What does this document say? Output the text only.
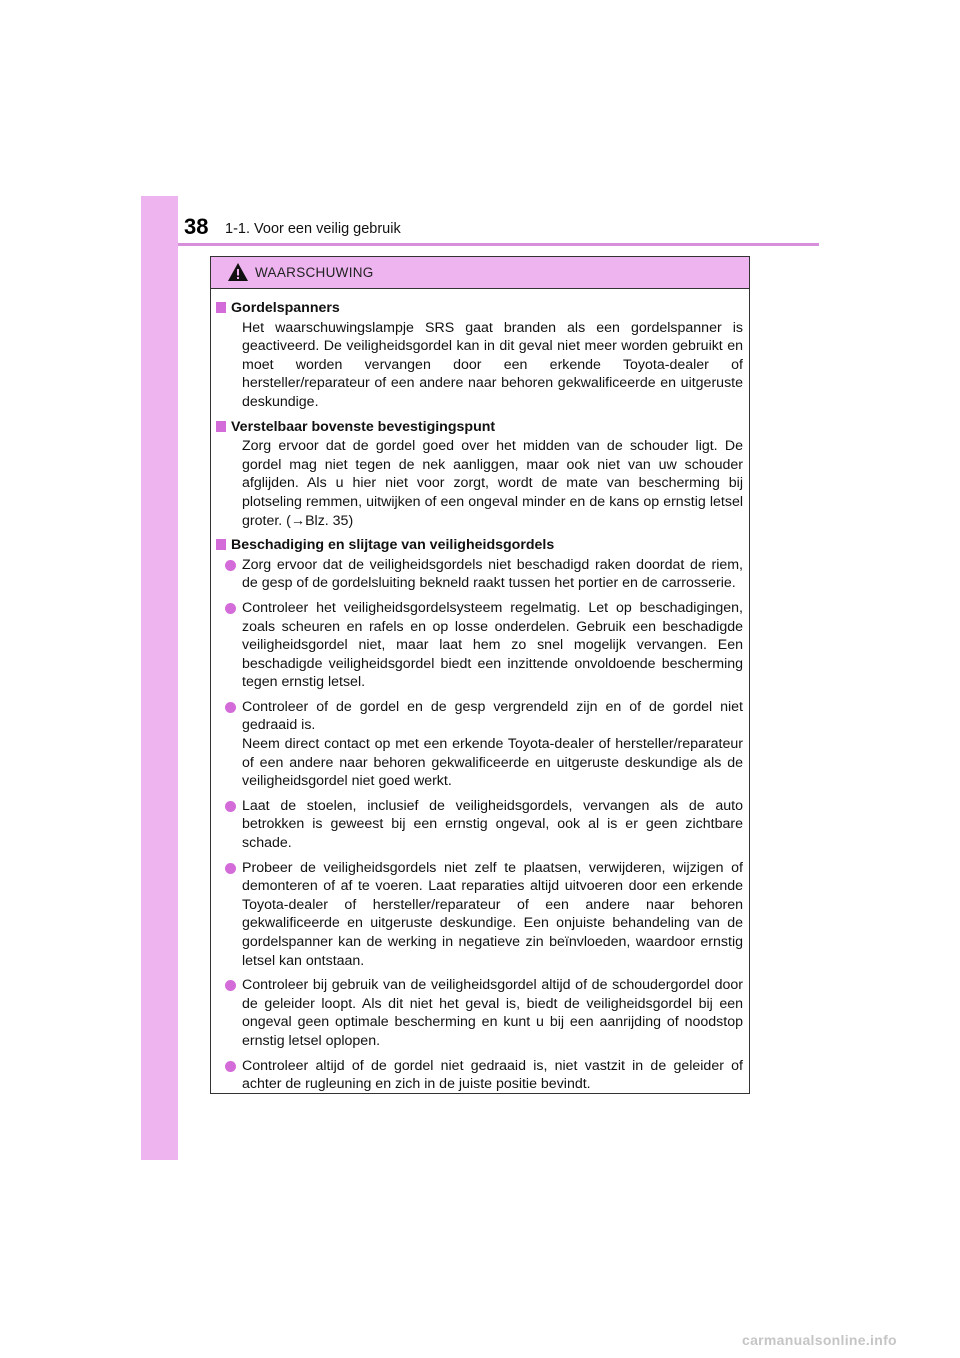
38 1-1. Voor een veilig gebruik
WAARSCHUWING
Gordelspanners
Het waarschuwingslampje SRS gaat branden als een gordelspanner is geactiveerd. De veiligheidsgordel kan in dit geval niet meer worden gebruikt en moet worden vervangen door een erkende Toyota-dealer of hersteller/reparateur of een andere naar behoren gekwalificeerde en uitgeruste deskundige.
Verstelbaar bovenste bevestigingspunt
Zorg ervoor dat de gordel goed over het midden van de schouder ligt. De gordel mag niet tegen de nek aanliggen, maar ook niet van uw schouder afglijden. Als u hier niet voor zorgt, wordt de mate van bescherming bij plotseling remmen, uitwijken of een ongeval minder en de kans op ernstig letsel groter. (→Blz. 35)
Beschadiging en slijtage van veiligheidsgordels
Zorg ervoor dat de veiligheidsgordels niet beschadigd raken doordat de riem, de gesp of de gordelsluiting bekneld raakt tussen het portier en de carrosserie.
Controleer het veiligheidsgordelsysteem regelmatig. Let op beschadigingen, zoals scheuren en rafels en op losse onderdelen. Gebruik een beschadigde veiligheidsgordel niet, maar laat hem zo snel mogelijk vervangen. Een beschadigde veiligheidsgordel biedt een inzittende onvoldoende bescherming tegen ernstig letsel.
Controleer of de gordel en de gesp vergrendeld zijn en of de gordel niet gedraaid is.
Neem direct contact op met een erkende Toyota-dealer of hersteller/reparateur of een andere naar behoren gekwalificeerde en uitgeruste deskundige als de veiligheidsgordel niet goed werkt.
Laat de stoelen, inclusief de veiligheidsgordels, vervangen als de auto betrokken is geweest bij een ernstig ongeval, ook al is er geen zichtbare schade.
Probeer de veiligheidsgordels niet zelf te plaatsen, verwijderen, wijzigen of demonteren of af te voeren. Laat reparaties altijd uitvoeren door een erkende Toyota-dealer of hersteller/reparateur of een andere naar behoren gekwalificeerde en uitgeruste deskundige. Een onjuiste behandeling van de gordelspanner kan de werking in negatieve zin beïnvloeden, waardoor ernstig letsel kan ontstaan.
Controleer bij gebruik van de veiligheidsgordel altijd of de schoudergordel door de geleider loopt. Als dit niet het geval is, biedt de veiligheidsgordel bij een ongeval geen optimale bescherming en kunt u bij een aanrijding of noodstop ernstig letsel oplopen.
Controleer altijd of de gordel niet gedraaid is, niet vastzit in de geleider of achter de rugleuning en zich in de juiste positie bevindt.
carmanualsonline.info
